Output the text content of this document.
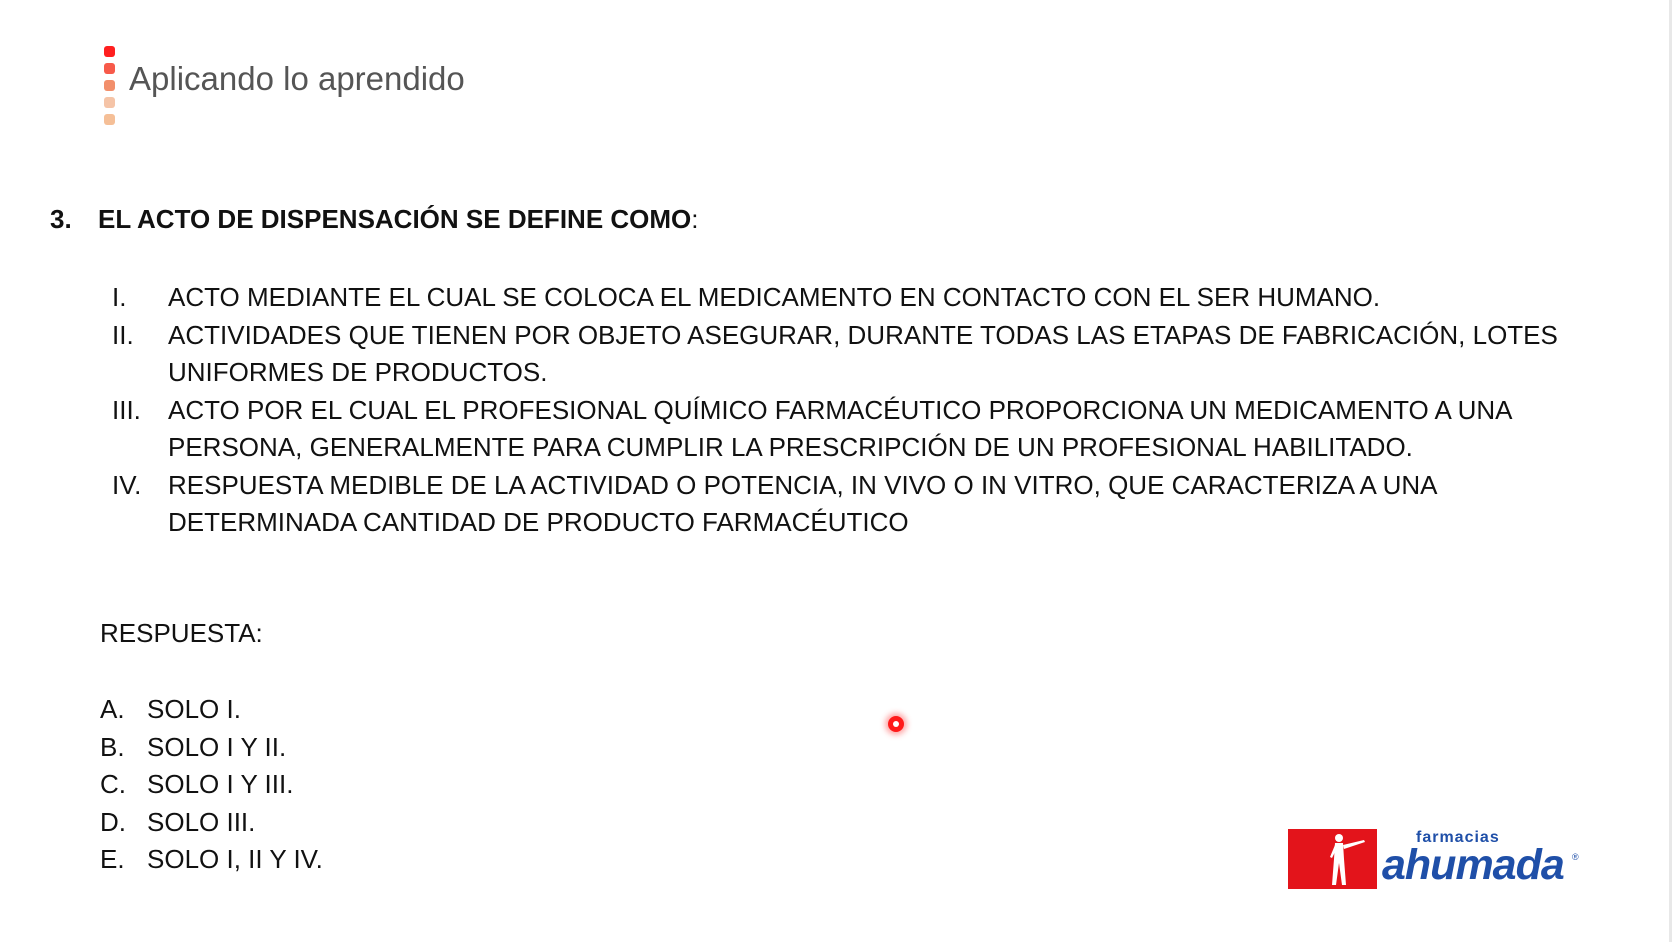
Aplicando lo aprendido
3. EL ACTO DE DISPENSACIÓN SE DEFINE COMO:
I.	ACTO MEDIANTE EL CUAL SE COLOCA EL MEDICAMENTO EN CONTACTO CON EL SER HUMANO.
II.	ACTIVIDADES QUE TIENEN POR OBJETO ASEGURAR, DURANTE TODAS LAS ETAPAS DE FABRICACIÓN, LOTES UNIFORMES DE PRODUCTOS.
III.	ACTO POR EL CUAL EL PROFESIONAL QUÍMICO FARMACÉUTICO PROPORCIONA UN MEDICAMENTO A UNA PERSONA, GENERALMENTE PARA CUMPLIR LA PRESCRIPCIÓN DE UN PROFESIONAL HABILITADO.
IV.	RESPUESTA MEDIBLE DE LA ACTIVIDAD O POTENCIA, IN VIVO O IN VITRO, QUE CARACTERIZA A UNA DETERMINADA CANTIDAD DE PRODUCTO FARMACÉUTICO
RESPUESTA:
A. SOLO I.
B. SOLO I Y II.
C. SOLO I Y III.
D. SOLO III.
E. SOLO I, II Y IV.
farmacias
ahumada ®
